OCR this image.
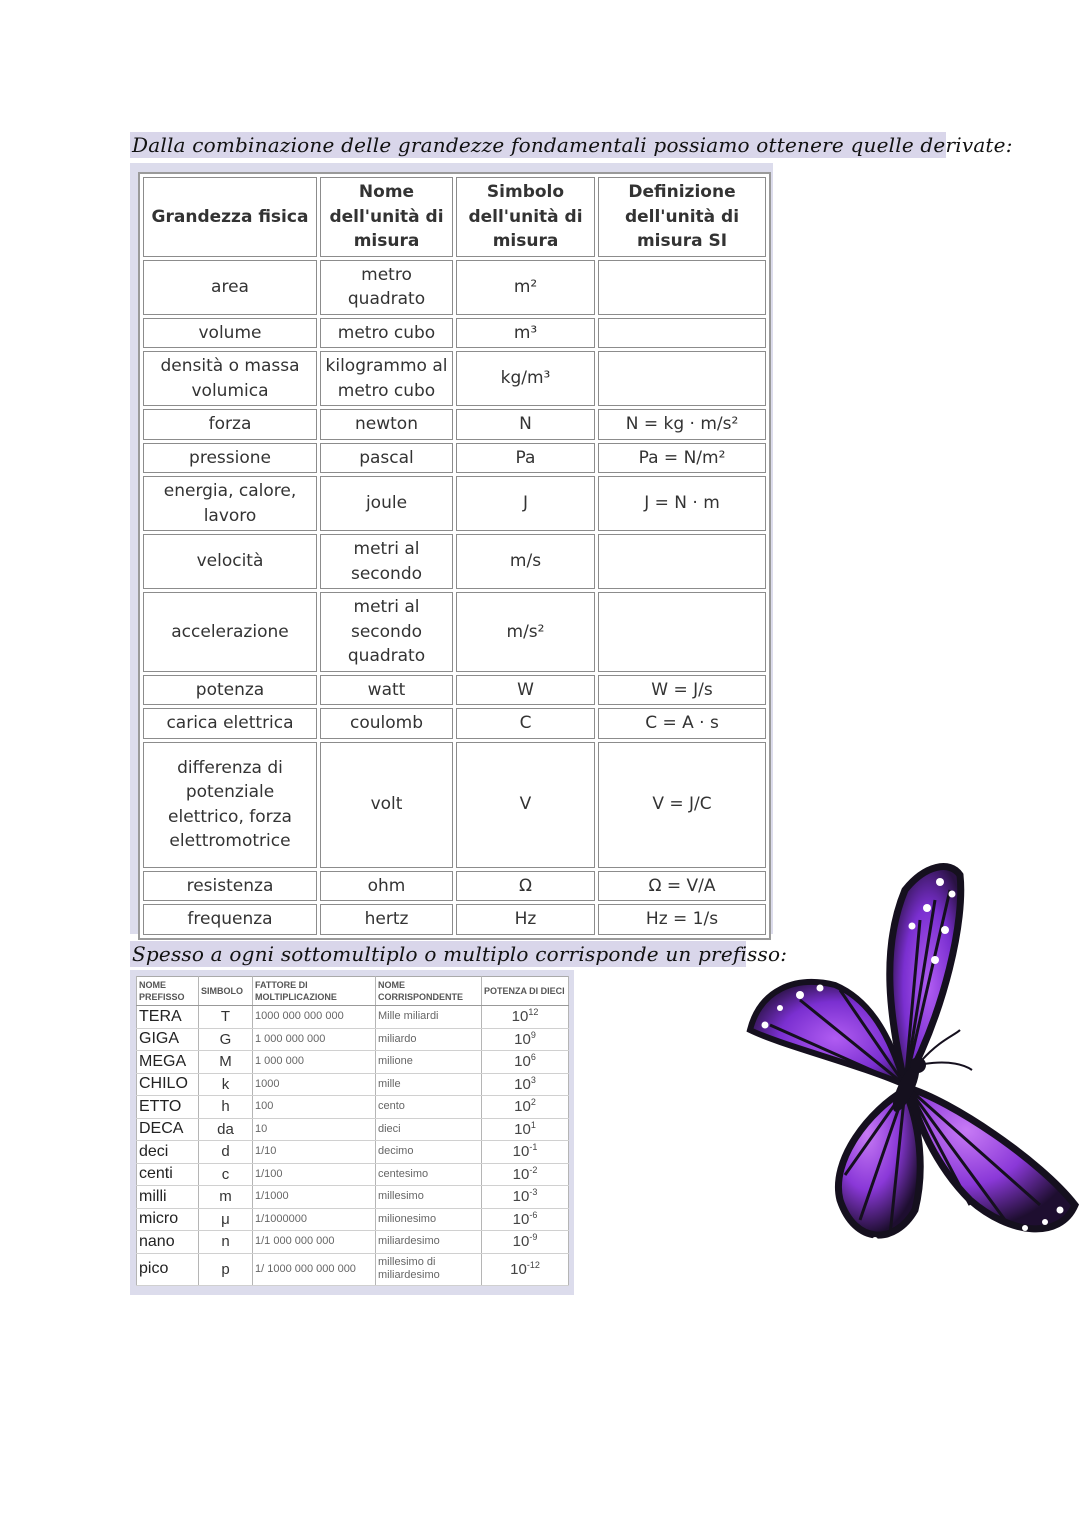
Dalla combinazione delle grandezze fondamentali possiamo ottenere quelle derivate:
Grandezza fisica	Nome dell'unità di misura	Simbolo dell'unità di misura	Definizione dell'unità di misura SI
area	metro quadrato	m²	
volume	metro cubo	m³	
densità o massa volumica	kilogrammo al metro cubo	kg/m³	
forza	newton	N	N = kg · m/s²
pressione	pascal	Pa	Pa = N/m²
energia, calore, lavoro	joule	J	J = N · m
velocità	metri al secondo	m/s	
accelerazione	metri al secondo quadrato	m/s²	
potenza	watt	W	W = J/s
carica elettrica	coulomb	C	C = A · s
differenza di potenziale elettrico, forza elettromotrice	volt	V	V = J/C
resistenza	ohm	Ω	Ω = V/A
frequenza	hertz	Hz	Hz = 1/s
Spesso a ogni sottomultiplo o multiplo corrisponde un prefisso:
NOME PREFISSO	SIMBOLO	FATTORE DI MOLTIPLICAZIONE	NOME CORRISPONDENTE	POTENZA DI DIECI
TERA	T	1000 000 000 000	Mille miliardi	$10^{12}$
GIGA	G	1 000 000 000	miliardo	$10^9$
MEGA	M	1 000 000	milione	$10^6$
CHILO	k	1000	mille	$10^3$
ETTO	h	100	cento	$10^2$
DECA	da	10	dieci	$10^1$
deci	d	1/10	decimo	$10^{-1}$
centi	c	1/100	centesimo	$10^{-2}$
milli	m	1/1000	millesimo	$10^{-3}$
micro	μ	1/1000000	milionesimo	$10^{-6}$
nano	n	1/1 000 000 000	miliardesimo	$10^{-9}$
pico	p	1/ 1000 000 000 000	millesimo di miliardesimo	$10^{-12}$
